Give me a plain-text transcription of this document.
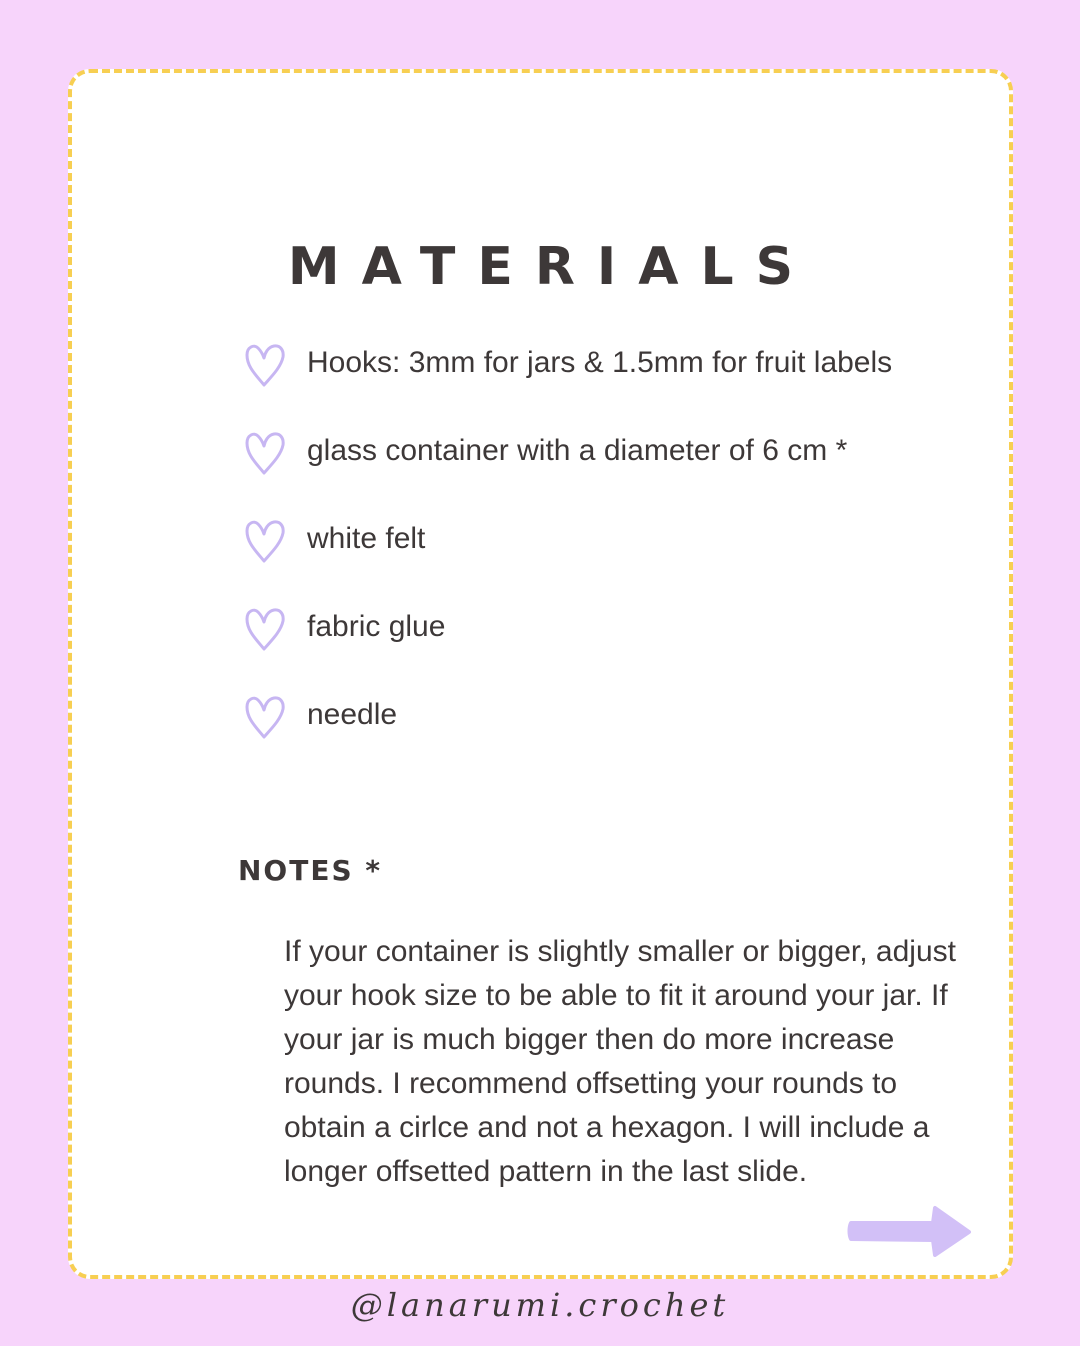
MATERIALS
Hooks: 3mm for jars & 1.5mm for fruit labels
glass container with a diameter of 6 cm *
white felt
fabric glue
needle
NOTES *

If your container is slightly smaller or bigger, adjust your hook size to be able to fit it around your jar. If your jar is much bigger then do more increase rounds. I recommend offsetting your rounds to obtain a cirlce and not a hexagon. I will include a longer offsetted pattern in the last slide.

@lanarumi.crochet
